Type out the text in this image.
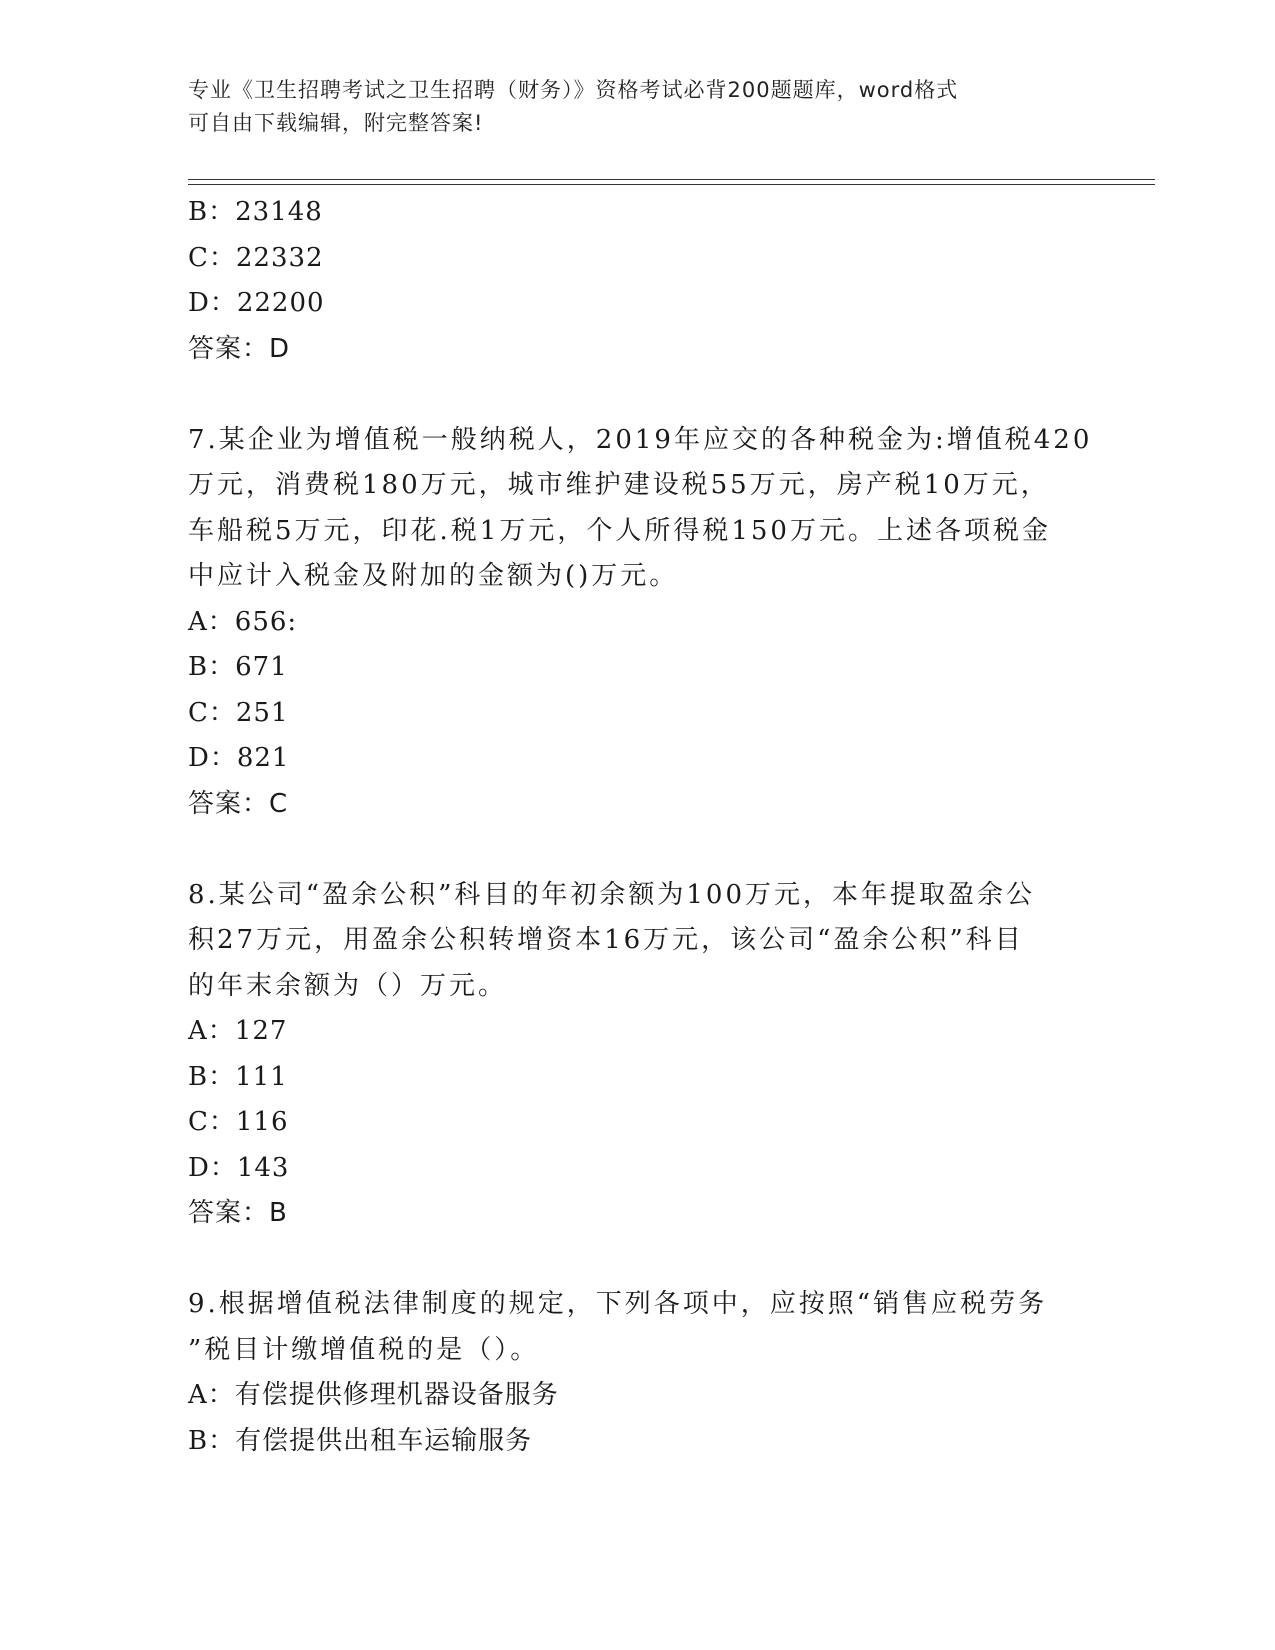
专业《卫生招聘考试之卫生招聘（财务）》资格考试必背200题题库，word格式
可自由下载编辑，附完整答案!
B：23148
C：22332
D：22200
答案：D
7.某企业为增值税一般纳税人，2019年应交的各种税金为:增值税420
万元，消费税180万元，城市维护建设税55万元，房产税10万元，
车船税5万元，印花.税1万元，个人所得税150万元。上述各项税金
中应计入税金及附加的金额为()万元。
A：656:
B：671
C：251
D：821
答案：C
8.某公司“盈余公积”科目的年初余额为100万元，本年提取盈余公
积27万元，用盈余公积转增资本16万元，该公司“盈余公积”科目
的年末余额为（）万元。
A：127
B：111
C：116
D：143
答案：B
9.根据增值税法律制度的规定，下列各项中，应按照“销售应税劳务
”税目计缴增值税的是（）。
A：有偿提供修理机器设备服务
B：有偿提供出租车运输服务
